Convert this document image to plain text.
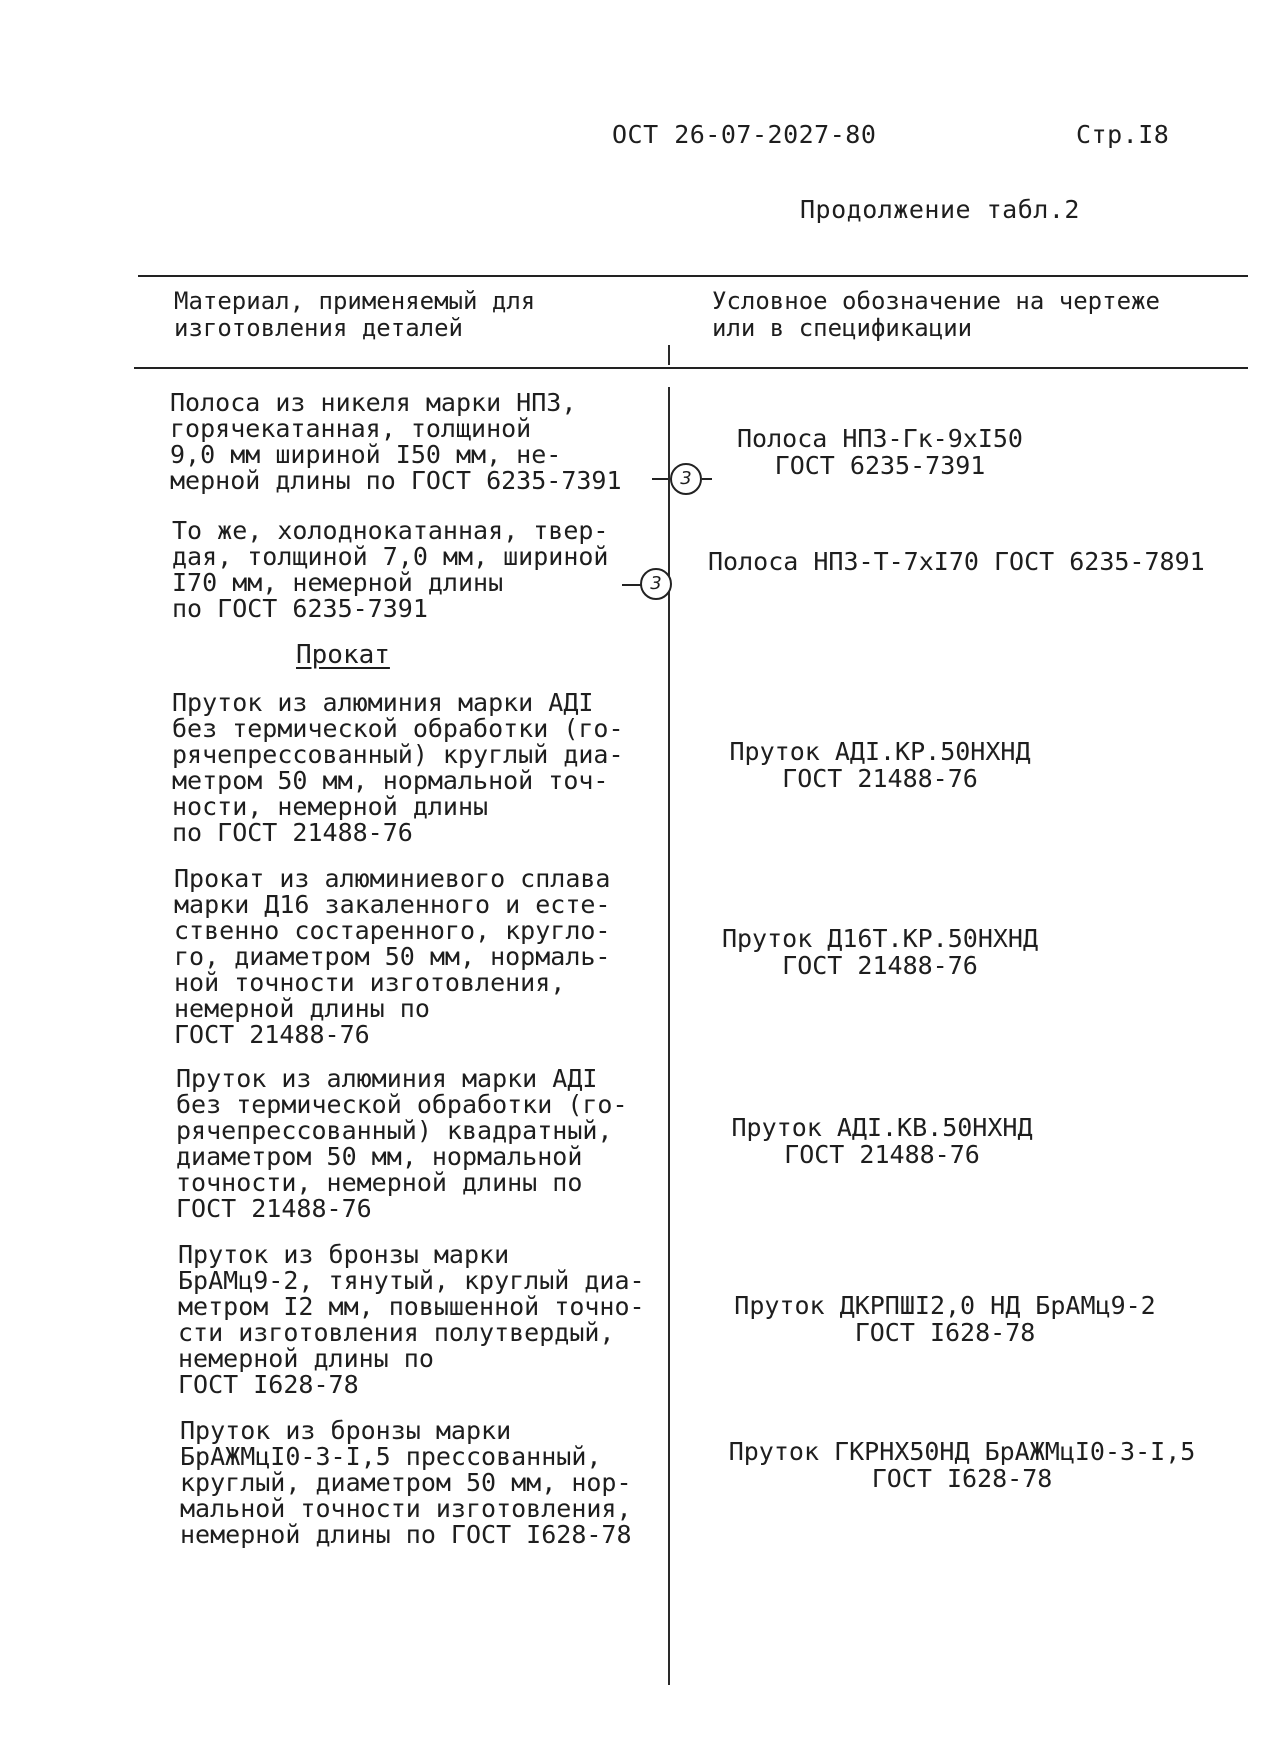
ОСТ 26-07-2027-80	Стр.I8
Продолжение табл.2
Материал, применяемый для
изготовления деталей
Условное обозначение на чертеже
или в спецификации
Полоса из никеля марки НП3,
горячекатанная, толщиной
9,0 мм шириной I50 мм, не-
мерной длины по ГОСТ 6235-7391
Полоса НП3-Гк-9хI50
ГОСТ 6235-7391
3
То же, холоднокатанная, твер-
дая, толщиной 7,0 мм, шириной
I70 мм, немерной длины
по ГОСТ 6235-7391
Полоса НП3-Т-7хI70 ГОСТ 6235-7891
3
Прокат
Пруток из алюминия марки АДI
без термической обработки (го-
рячепрессованный) круглый диа-
метром 50 мм, нормальной точ-
ности, немерной длины
по ГОСТ 21488-76
Пруток АДI.КР.50НХНД
ГОСТ 21488-76
Прокат из алюминиевого сплава
марки Д16 закаленного и есте-
ственно состаренного, кругло-
го, диаметром 50 мм, нормаль-
ной точности изготовления,
немерной длины по
ГОСТ 21488-76
Пруток Д16Т.КР.50НХНД
ГОСТ 21488-76
Пруток из алюминия марки АДI
без термической обработки (го-
рячепрессованный) квадратный,
диаметром 50 мм, нормальной
точности, немерной длины по
ГОСТ 21488-76
Пруток АДI.КВ.50НХНД
ГОСТ 21488-76
Пруток из бронзы марки
БрАМц9-2, тянутый, круглый диа-
метром I2 мм, повышенной точно-
сти изготовления полутвердый,
немерной длины по
ГОСТ I628-78
Пруток ДКРПШI2,0 НД БрАМц9-2
ГОСТ I628-78
Пруток из бронзы марки
БрАЖМцI0-3-I,5 прессованный,
круглый, диаметром 50 мм, нор-
мальной точности изготовления,
немерной длины по ГОСТ I628-78
Пруток ГКРНХ50НД БрАЖМцI0-3-I,5
ГОСТ I628-78
